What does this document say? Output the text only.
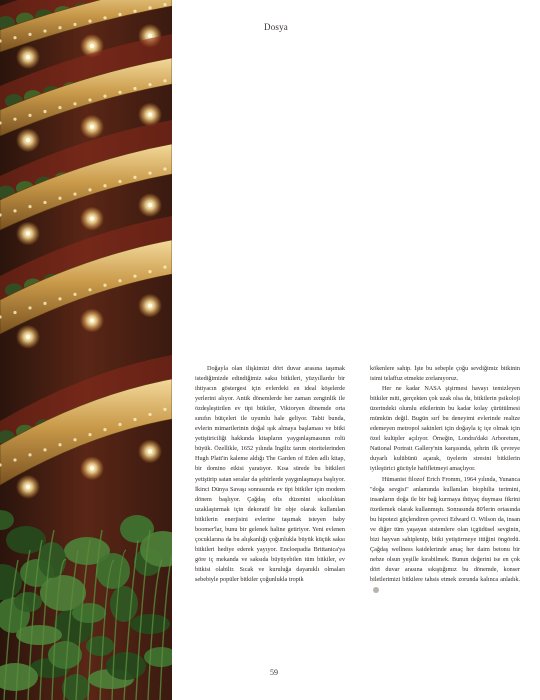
Dosya

Doğayla olan ilişkimizi dört duvar arasına taşımak istediğimizde edindiğimiz saksı bitkileri, yüzyıllardır bir ihtiyacın göstergesi için evlerdeki en ideal köşelerde yerlerini alıyor. Antik dönemlerde her zaman zenginlik ile özdeşleştirilen ev tipi bitkiler, Viktoryen dönemde orta sınıfın bütçeleri ile uyumlu hale geliyor. Tabii bunda, evlerin mimarilerinin doğal ışık almaya başlaması ve bitki yetiştiriciliği hakkında kitapların yaygınlaşmasının rolü büyük. Özellikle, 1652 yılında İngiliz tarım otoritelerinden Hugh Platt'in kaleme aldığı The Garden of Eden adlı kitap, bir domino etkisi yaratıyor. Kısa sürede bu bitkileri yetiştirip satan seralar da şehirlerde yaygınlaşmaya başlıyor. İkinci Dünya Savaşı sonrasında ev tipi bitkiler için modern dönem başlıyor. Çağdaş ofis düzenini sıkıcılıktan uzaklaştırmak için dekoratif bir obje olarak kullanılan bitkilerin enerjisini evlerine taşımak isteyen baby boomer'lar, bunu bir gelenek haline getiriyor. Yeni evlenen çocuklarına da bu alışkanlığı çoğunlukla büyük küçük saksı bitkileri hediye ederek yayıyor. Encloepadia Brittanica'ya göre iç mekanda ve saksıda büyüyebilen tüm bitkiler, ev bitkisi olabilir. Sıcak ve kuruluğa dayanıklı olmaları sebebiyle popüler bitkiler çoğunlukla tropik

kökenlere sahip. İşte bu sebeple çoğu sevdiğimiz bitkinin isimi telaffuz etmekte zorlanıyoruz.

Her ne kadar NASA şişirmesi havayı temizleyen bitkiler miti, gerçekten çok uzak olsa da, bitkilerin psikoloji üzerindeki olumlu etkilerinin bu kadar kolay çürütülmesi mümkün değil. Bugün sırf bu deneyimi evlerinde realize edemeyen metropol sakinleri için doğayla iç içe olmak için özel kulüpler açılıyor. Örneğin, Londra'daki Arboretum, National Portrait Gallery'nin karşısında, şehrin ilk çevreye duyarlı kulübünü açarak, üyelerin stresini bitkilerin iyileştirici gücüyle hafifletmeyi amaçlıyor.

Hümanist filozof Erich Fromm, 1964 yılında, Yunanca "doğa sevgisi" anlamında kullanılan biophilia terimini, insanların doğa ile bir bağ kurmaya ihtiyaç duyması fikrini özetlemek olarak kullanmıştı. Sonrasında 80'lerin ortasında bu hipotezi güçlendiren çevreci Edward O. Wilson da, insan ve diğer tüm yaşayan sistemlere olan içgüdüsel sevginin, bizi hayvan sahiplenip, bitki yetiştirmeye ittiğini öngördü. Çağdaş wellness kaidelerinde amaç her daim betonu bir nebze olsun yeşille kırabilmek. Bunun değerini ise en çok dört duvar arasına sıkıştığımız bu dönemde, konser biletlerimizi bitkilere tahsis etmek zorunda kalınca anladık.

59
